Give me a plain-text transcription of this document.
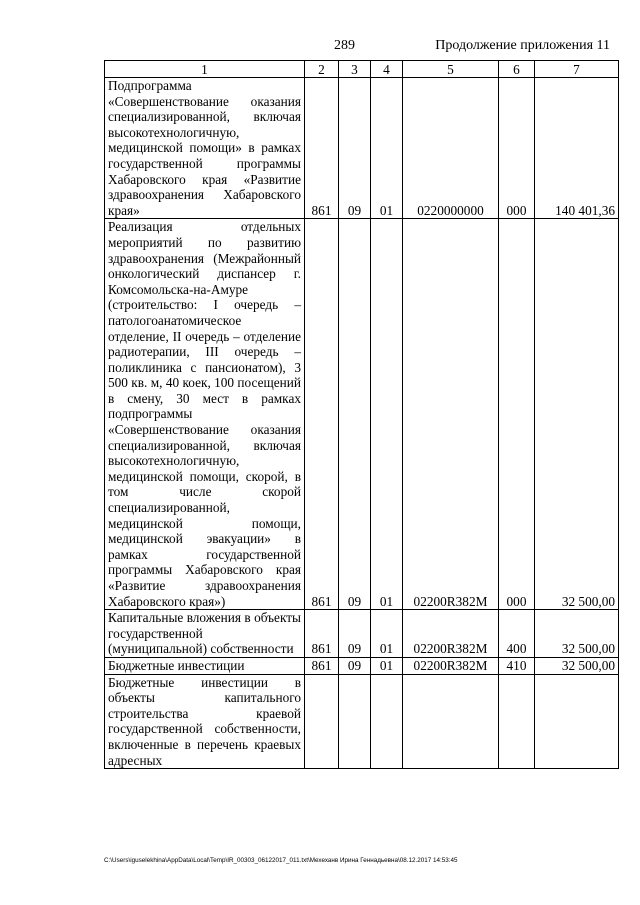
289	Продолжение приложения 11
1	2	3	4	5	6	7
Подпрограмма «Совершенствование оказания специализированной, включая высокотехнологичную, медицинской помощи» в рамках государственной программы Хабаровского края «Развитие здравоохранения Хабаровского края»	861	09	01	0220000000	000	140 401,36
Реализация отдельных мероприятий по развитию здравоохранения (Межрайонный онкологический диспансер г. Комсомольска-на-Амуре (строительство: I очередь – патологоанатомическое отделение, II очередь – отделение радиотерапии, III очередь – поликлиника с пансионатом), 3 500 кв. м, 40 коек, 100 посещений в смену, 30 мест в рамках подпрограммы «Совершенствование оказания специализированной, включая высокотехнологичную, медицинской помощи, скорой, в том числе скорой специализированной, медицинской помощи, медицинской эвакуации» в рамках государственной программы Хабаровского края «Развитие здравоохранения Хабаровского края»)	861	09	01	02200R382M	000	32 500,00
Капитальные вложения в объекты государственной (муниципальной) собственности	861	09	01	02200R382M	400	32 500,00
Бюджетные инвестиции	861	09	01	02200R382M	410	32 500,00
Бюджетные инвестиции в объекты капитального строительства краевой государственной собственности, включенные в перечень краевых адресных						
C:\Users\iguselekhina\AppData\Local\Temp\IR_00303_06122017_011.txt\Мехеханв Ирина Геннадьевна\08.12.2017 14:53:45
